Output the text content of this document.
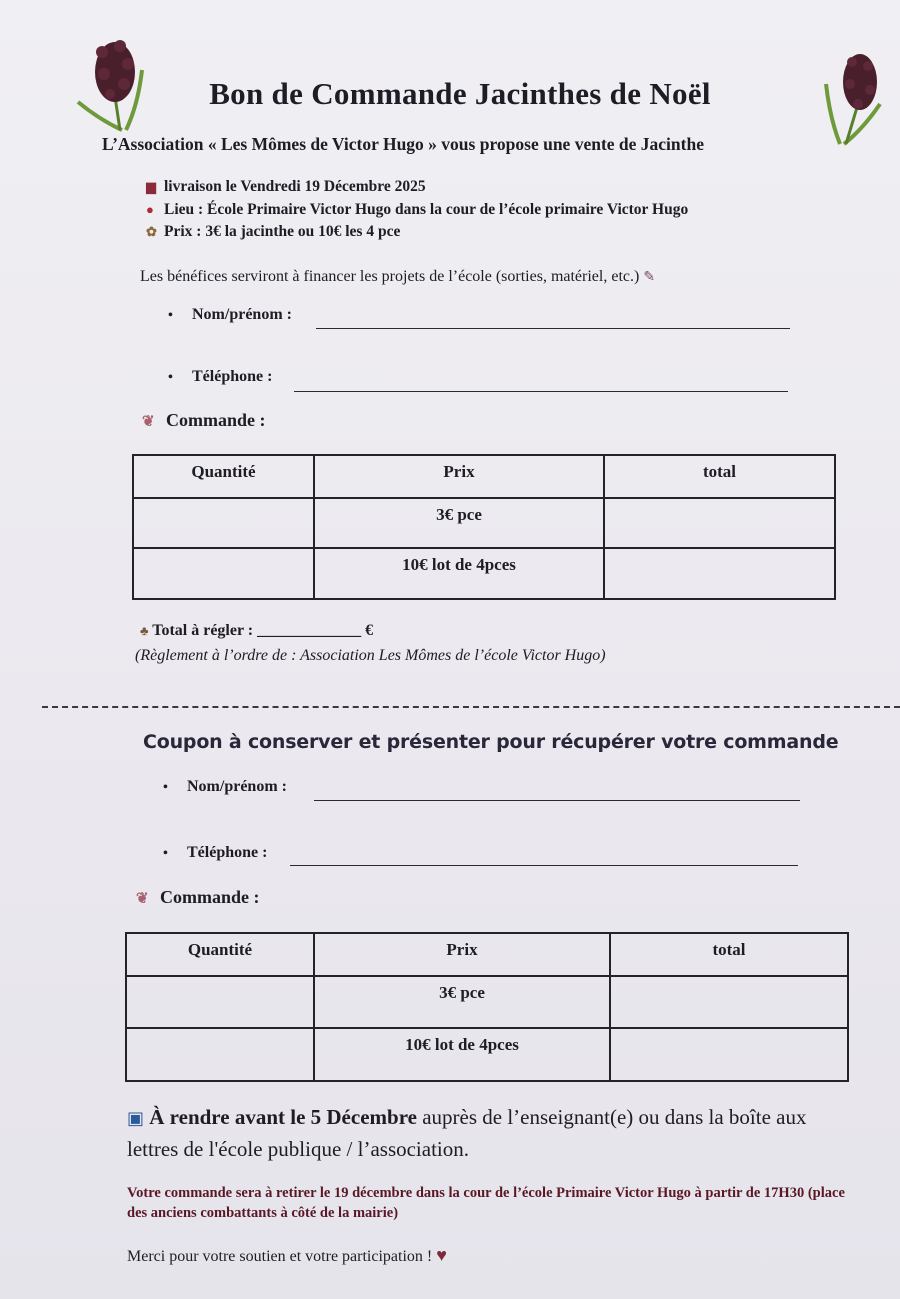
Bon de Commande Jacinthes de Noël
L’Association « Les Mômes de Victor Hugo » vous propose une vente de Jacinthe
▆ livraison le Vendredi 19 Décembre 2025
● Lieu : École Primaire Victor Hugo dans la cour de l’école primaire Victor Hugo
✿ Prix : 3€ la jacinthe ou 10€ les 4 pce
Les bénéfices serviront à financer les projets de l’école (sorties, matériel, etc.) ✎
• Nom/prénom :
• Téléphone :
❦ Commande :
Quantité	Prix	total
	3€ pce	
	10€ lot de 4pces	
♣ Total à régler : _____________ €
(Règlement à l’ordre de : Association Les Mômes de l’école Victor Hugo)
Coupon à conserver et présenter pour récupérer votre commande
• Nom/prénom :
• Téléphone :
❦ Commande :
Quantité	Prix	total
	3€ pce	
	10€ lot de 4pces	
▣ À rendre avant le 5 Décembre auprès de l’enseignant(e) ou dans la boîte aux lettres de l'école publique / l’association.
Votre commande sera à retirer le 19 décembre dans la cour de l’école Primaire Victor Hugo à partir de 17H30 (place des anciens combattants à côté de la mairie)
Merci pour votre soutien et votre participation ! ♥
